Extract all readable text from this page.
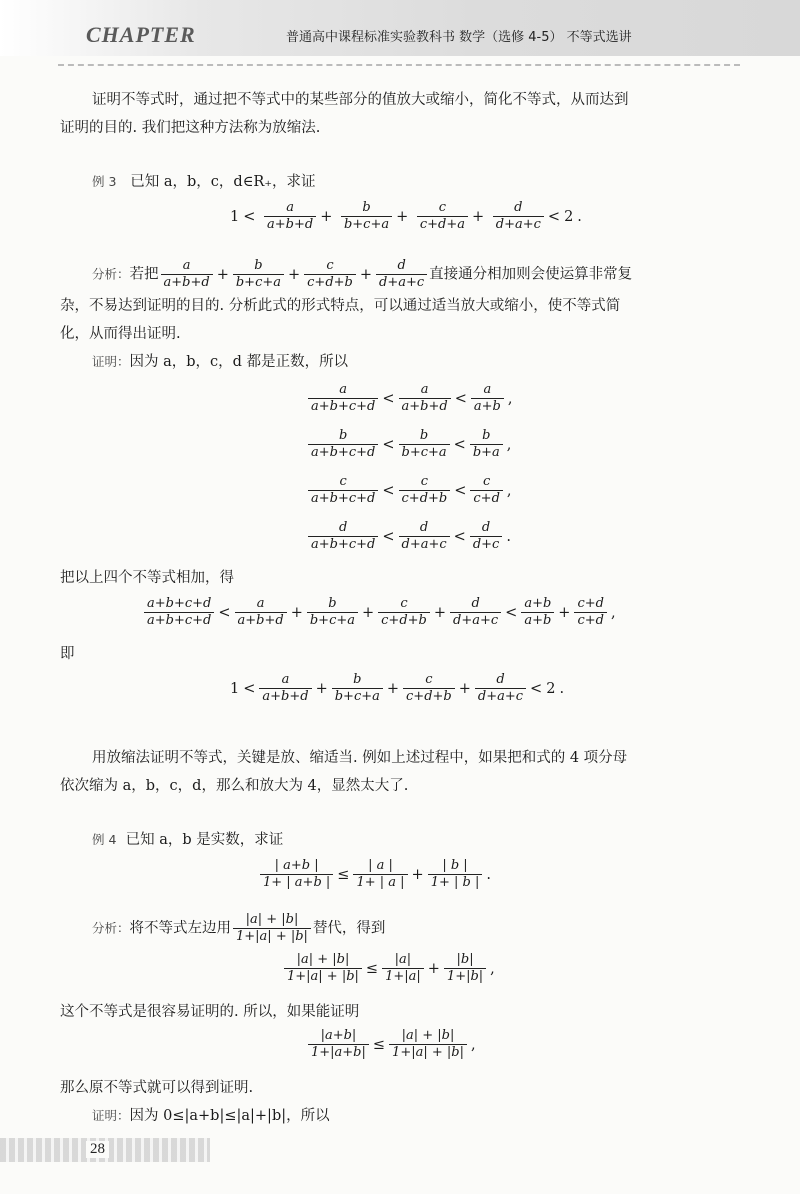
CHAPTER	普通高中课程标准实验教科书 数学（选修 4-5） 不等式选讲
证明不等式时，通过把不等式中的某些部分的值放大或缩小，简化不等式，从而达到
证明的目的. 我们把这种方法称为放缩法.
例 3 已知 a，b，c，d∈R₊，求证
$1 < \frac{a}{a+b+d} + \frac{b}{b+c+a} + \frac{c}{c+d+a} + \frac{d}{d+a+c} < 2$ .
分析：若把 $\frac{a}{a+b+d} + \frac{b}{b+c+a} + \frac{c}{c+d+b} + \frac{d}{d+a+c}$ 直接通分相加则会使运算非常复
杂，不易达到证明的目的. 分析此式的形式特点，可以通过适当放大或缩小，使不等式简
化，从而得出证明.
证明：因为 a，b，c，d 都是正数，所以
$\frac{a}{a+b+c+d} < \frac{a}{a+b+d} < \frac{a}{a+b}$ ,
$\frac{b}{a+b+c+d} < \frac{b}{b+c+a} < \frac{b}{b+a}$ ,
$\frac{c}{a+b+c+d} < \frac{c}{c+d+b} < \frac{c}{c+d}$ ,
$\frac{d}{a+b+c+d} < \frac{d}{d+a+c} < \frac{d}{d+c}$ .
把以上四个不等式相加，得
$\frac{a+b+c+d}{a+b+c+d} < \frac{a}{a+b+d} + \frac{b}{b+c+a} + \frac{c}{c+d+b} + \frac{d}{d+a+c} < \frac{a+b}{a+b} + \frac{c+d}{c+d}$ ,
即
$1 < \frac{a}{a+b+d} + \frac{b}{b+c+a} + \frac{c}{c+d+b} + \frac{d}{d+a+c} < 2$ .
用放缩法证明不等式，关键是放、缩适当. 例如上述过程中，如果把和式的 4 项分母
依次缩为 a，b，c，d，那么和放大为 4，显然太大了.
例 4 已知 a，b 是实数，求证
$\frac{| a+b |}{1+ | a+b |} \le \frac{| a |}{1+ | a |} + \frac{| b |}{1+ | b |}$ .
分析：将不等式左边用 $\frac{|a| + |b|}{1+|a| + |b|}$ 替代，得到
$\frac{|a| + |b|}{1+|a| + |b|} \le \frac{|a|}{1+|a|} + \frac{|b|}{1+|b|}$ ,
这个不等式是很容易证明的. 所以，如果能证明
$\frac{|a+b|}{1+|a+b|} \le \frac{|a| + |b|}{1+|a| + |b|}$ ,
那么原不等式就可以得到证明.
证明：因为 0≤|a+b|≤|a|+|b|，所以
28
